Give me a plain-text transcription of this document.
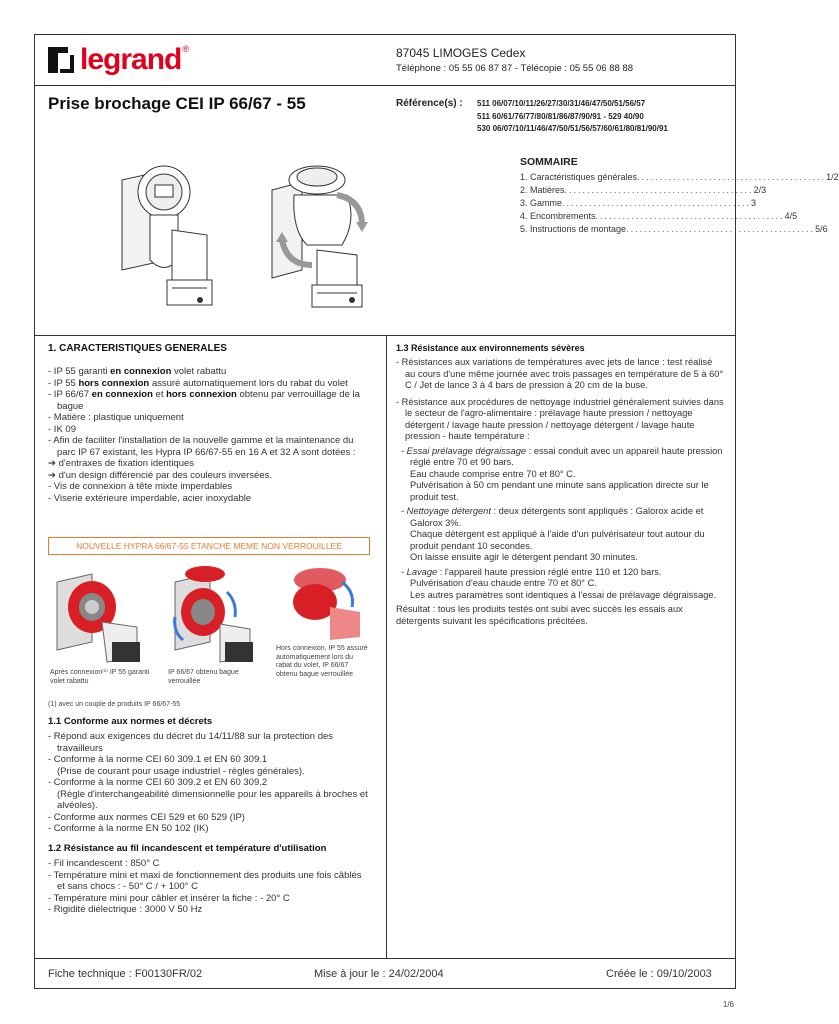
legrand ®	87045 LIMOGES Cedex
Téléphone : 05 55 06 87 87 - Télécopie : 05 55 06 88 88
Prise brochage CEI IP 66/67 - 55	Référence(s) : 511 06/07/10/11/26/27/30/31/46/47/50/51/56/57
511 60/61/76/77/80/81/86/87/90/91 - 529 40/90
530 06/07/10/11/46/47/50/51/56/57/60/61/80/81/90/91
SOMMAIRE
1. Caractéristiques générales .......................................... 1/2
2. Matières .......................................... 2/3
3. Gamme .......................................... 3
4. Encombrements .......................................... 4/5
5. Instructions de montage .......................................... 5/6
1. CARACTERISTIQUES GENERALES
- IP 55 garanti en connexion volet rabattu
- IP 55 hors connexion assuré automatiquement lors du rabat du volet
- IP 66/67 en connexion et hors connexion obtenu par verrouillage de la bague
- Matière : plastique uniquement
- IK 09
- Afin de faciliter l'installation de la nouvelle gamme et la maintenance du parc IP 67 existant, les Hypra IP 66/67-55 en 16 A et 32 A sont dotées :
➔ d'entraxes de fixation identiques
➔ d'un design différencié par des couleurs inversées.
- Vis de connexion à tête mixte imperdables
- Viserie extérieure imperdable, acier inoxydable
NOUVELLE HYPRA 66/67-55 ETANCHE MEME NON VERROUILLEE
Après connexion⁽¹⁾ IP 55 garanti volet rabattu
IP 66/67 obtenu bague verrouillée
Hors connexion, IP 55 assuré automatiquement lors du rabat du volet, IP 66/67 obtenu bague verrouillée
(1) avec un couple de produits IP 66/67-55
1.1 Conforme aux normes et décrets
- Répond aux exigences du décret du 14/11/88 sur la protection des travailleurs
- Conforme à la norme CEI 60 309.1 et EN 60 309.1
(Prise de courant pour usage industriel - règles générales).
- Conforme à la norme CEI 60 309.2 et EN 60 309.2
(Règle d'interchangeabilité dimensionnelle pour les appareils à broches et alvéoles).
- Conforme aux normes CEI 529 et 60 529 (IP)
- Conforme à la norme EN 50 102 (IK)
1.2 Résistance au fil incandescent et température d'utilisation
- Fil incandescent : 850° C
- Température mini et maxi de fonctionnement des produits une fois câblés et sans chocs : - 50° C / + 100° C
- Température mini pour câbler et insérer la fiche : - 20° C
- Rigidité diélectrique : 3000 V 50 Hz
1.3 Résistance aux environnements sévères
- Résistances aux variations de températures avec jets de lance : test réalisé au cours d'une même journée avec trois passages en température de 5 à 60° C / Jet de lance 3 à 4 bars de pression à 20 cm de la buse.
- Résistance aux procédures de nettoyage industriel généralement suivies dans le secteur de l'agro-alimentaire : prélavage haute pression / nettoyage détergent / lavage haute pression / nettoyage détergent / lavage haute pression - haute température :
- Essai prélavage dégraissage : essai conduit avec un appareil haute pression réglé entre 70 et 90 bars.
Eau chaude comprise entre 70 et 80° C.
Pulvérisation à 50 cm pendant une minute sans application directe sur le produit test.
- Nettoyage détergent : deux détergents sont appliqués : Galorox acide et Galorox 3%.
Chaque détergent est appliqué à l'aide d'un pulvérisateur tout autour du produit pendant 10 secondes.
On laisse ensuite agir le détergent pendant 30 minutes.
- Lavage : l'appareil haute pression réglé entre 110 et 120 bars.
Pulvérisation d'eau chaude entre 70 et 80° C.
Les autres paramètres sont identiques à l'essai de prélavage dégraissage.
Résultat : tous les produits testés ont subi avec succès les essais aux détergents suivant les spécifications précitées.
Fiche technique : F00130FR/02	Mise à jour le : 24/02/2004	Créée le : 09/10/2003
1/6
